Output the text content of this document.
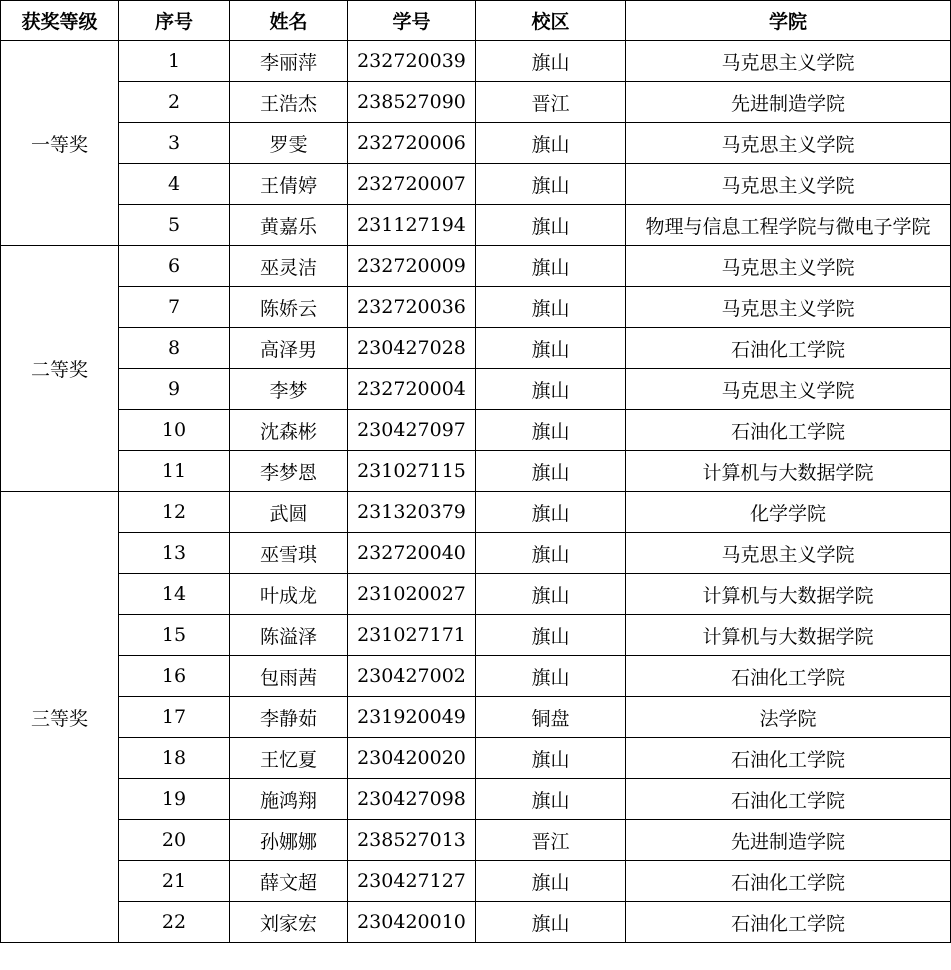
获奖等级	序号	姓名	学号	校区	学院
一等奖	1	李丽萍	232720039	旗山	马克思主义学院
	2	王浩杰	238527090	晋江	先进制造学院
	3	罗雯	232720006	旗山	马克思主义学院
	4	王倩婷	232720007	旗山	马克思主义学院
	5	黄嘉乐	231127194	旗山	物理与信息工程学院与微电子学院
二等奖	6	巫灵洁	232720009	旗山	马克思主义学院
	7	陈娇云	232720036	旗山	马克思主义学院
	8	高泽男	230427028	旗山	石油化工学院
	9	李梦	232720004	旗山	马克思主义学院
	10	沈森彬	230427097	旗山	石油化工学院
	11	李梦恩	231027115	旗山	计算机与大数据学院
三等奖	12	武圆	231320379	旗山	化学学院
	13	巫雪琪	232720040	旗山	马克思主义学院
	14	叶成龙	231020027	旗山	计算机与大数据学院
	15	陈溢泽	231027171	旗山	计算机与大数据学院
	16	包雨茜	230427002	旗山	石油化工学院
	17	李静茹	231920049	铜盘	法学院
	18	王忆夏	230420020	旗山	石油化工学院
	19	施鸿翔	230427098	旗山	石油化工学院
	20	孙娜娜	238527013	晋江	先进制造学院
	21	薛文超	230427127	旗山	石油化工学院
	22	刘家宏	230420010	旗山	石油化工学院
